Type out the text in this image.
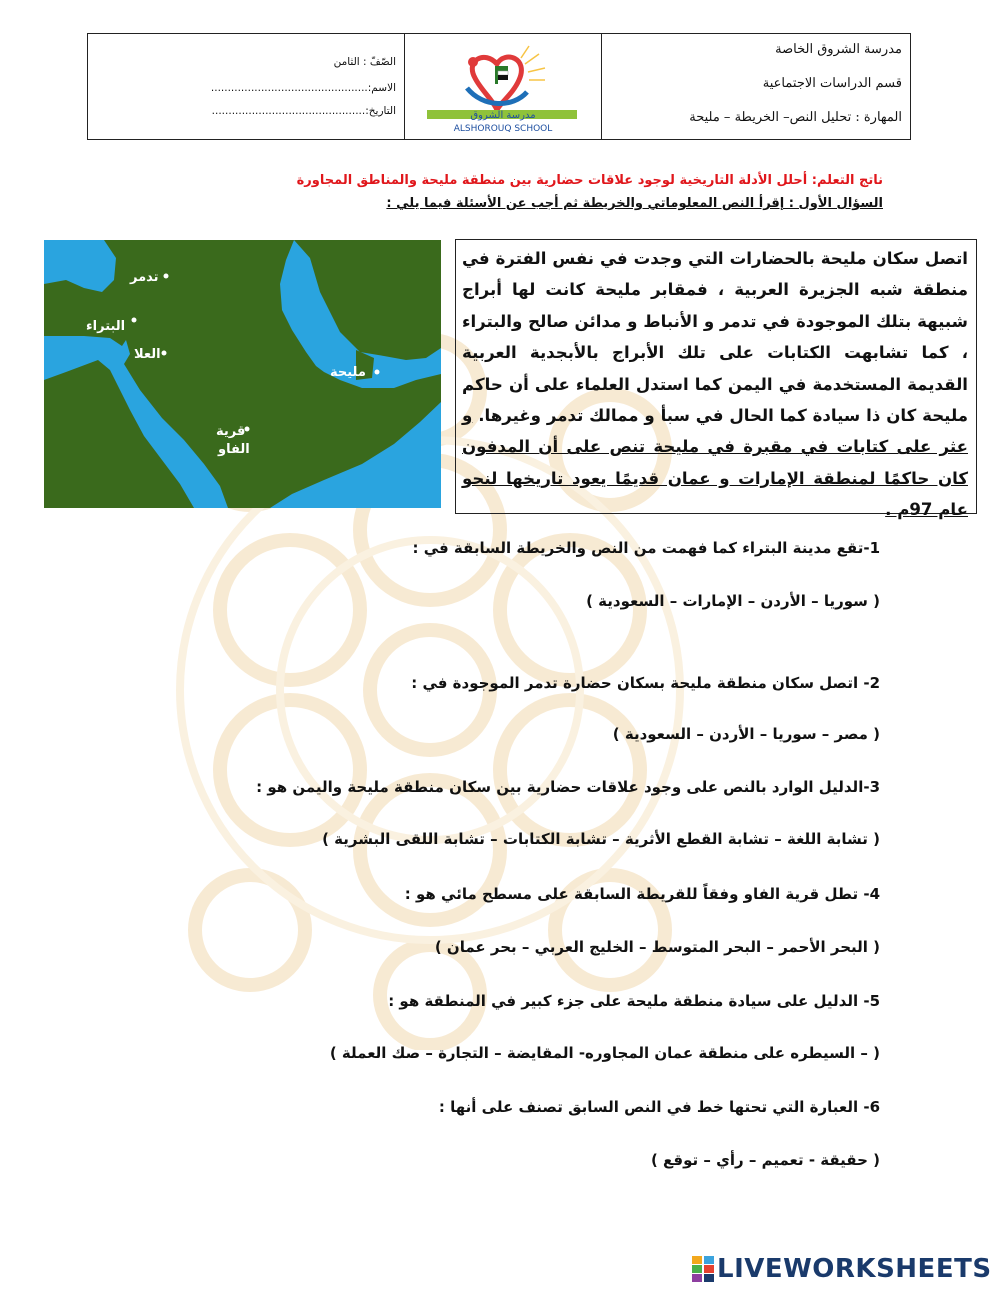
الصّفّ : الثامن
الاسم:...............................................
التاريخ:..............................................	مدرسة الشروق
ALSHOROUQ SCHOOL
مدرسة الشروق الخاصة
قسم الدراسات الاجتماعية
المهارة : تحليل النص– الخريطة – مليحة
ناتج التعلم: أحلل الأدلة التاريخية لوجود علاقات حضارية بين منطقة مليحة والمناطق المجاورة
السؤال الأول : إقرأ النص المعلوماتي والخريطة ثم أجب عن الأسئلة فيما يلي :
تدمر
البتراء
العلا
مليحة
قرية
الفاو
اتصل سكان مليحة بالحضارات التي وجدت في نفس الفترة في منطقة شبه الجزيرة العربية ، فمقابر مليحة كانت لها أبراج شبيهة بتلك الموجودة في تدمر و الأنباط و مدائن صالح والبتراء ، كما تشابهت الكتابات على تلك الأبراج بالأبجدية العربية القديمة المستخدمة في اليمن كما استدل العلماء على أن حاكم مليحة كان ذا سيادة كما الحال في سبأ و ممالك تدمر وغيرها. و عثر على كتابات في مقبرة في مليحة تنص على أن المدفون كان حاكمًا لمنطقة الإمارات و عمان قديمًا يعود تاريخها لنحو عام 97م .
1-تقع مدينة البتراء كما فهمت من النص والخريطة السابقة في :
( سوريا – الأردن – الإمارات – السعودية )
2- اتصل سكان منطقة مليحة بسكان حضارة تدمر الموجودة في :
( مصر – سوريا – الأردن – السعودية )
3-الدليل الوارد بالنص على وجود علاقات حضارية بين سكان منطقة مليحة واليمن هو :
( تشابة اللغة – تشابة القطع الأثرية – تشابة الكتابات – تشابة اللقى البشرية )
4- تطل قرية الفاو وفقاً للقريطة السابقة على مسطح مائي هو :
( البحر الأحمر – البحر المتوسط – الخليج العربي – بحر عمان )
5- الدليل على سيادة منطقة مليحة على جزء كبير في المنطقة هو :
( – السيطره على منطقة عمان المجاوره- المقايضة – التجارة – صك العملة )
6- العبارة التي تحتها خط في النص السابق تصنف على أنها :
( حقيقة - تعميم – رأي – توقع )
LIVEWORKSHEETS
